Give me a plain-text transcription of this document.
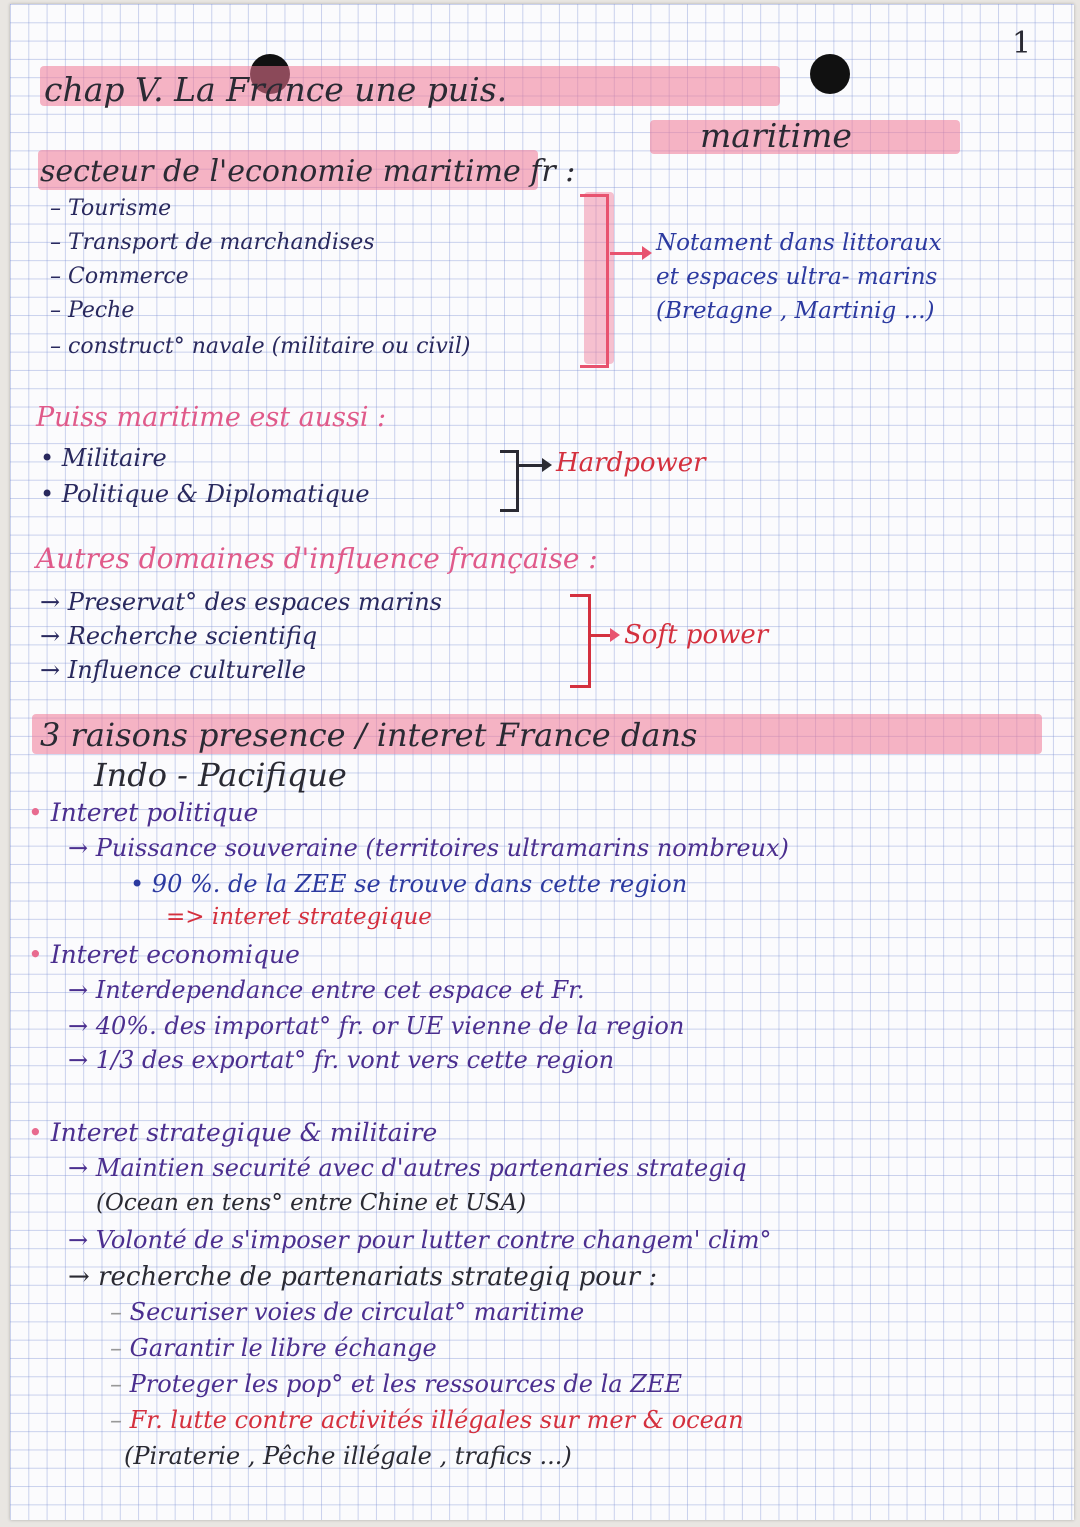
1
chap V. La France une puis.
maritime
secteur de l'economie maritime fr :
– Tourisme
– Transport de marchandises
– Commerce
– Peche
– construct° navale (militaire ou civil)
Notament dans littoraux
et espaces ultra- marins
(Bretagne , Martinig ...)
Puiss maritime est aussi :
• Militaire
• Politique & Diplomatique
Hardpower
Autres domaines d'influence française :
→ Preservat° des espaces marins
→ Recherche scientifiq
→ Influence culturelle
Soft power
3 raisons presence / interet France dans
Indo - Pacifique
• Interet politique
→ Puissance souveraine (territoires ultramarins nombreux)
• 90 %. de la ZEE se trouve dans cette region
=> interet strategique
• Interet economique
→ Interdependance entre cet espace et Fr.
→ 40%. des importat° fr. or UE vienne de la region
→ 1/3 des exportat° fr. vont vers cette region
• Interet strategique & militaire
→ Maintien securité avec d'autres partenaries strategiq
(Ocean en tens° entre Chine et USA)
→ Volonté de s'imposer pour lutter contre changem' clim°
→ recherche de partenariats strategiq pour :
– Securiser voies de circulat° maritime
– Garantir le libre échange
– Proteger les pop° et les ressources de la ZEE
– Fr. lutte contre activités illégales sur mer & ocean
(Piraterie , Pêche illégale , trafics ...)
